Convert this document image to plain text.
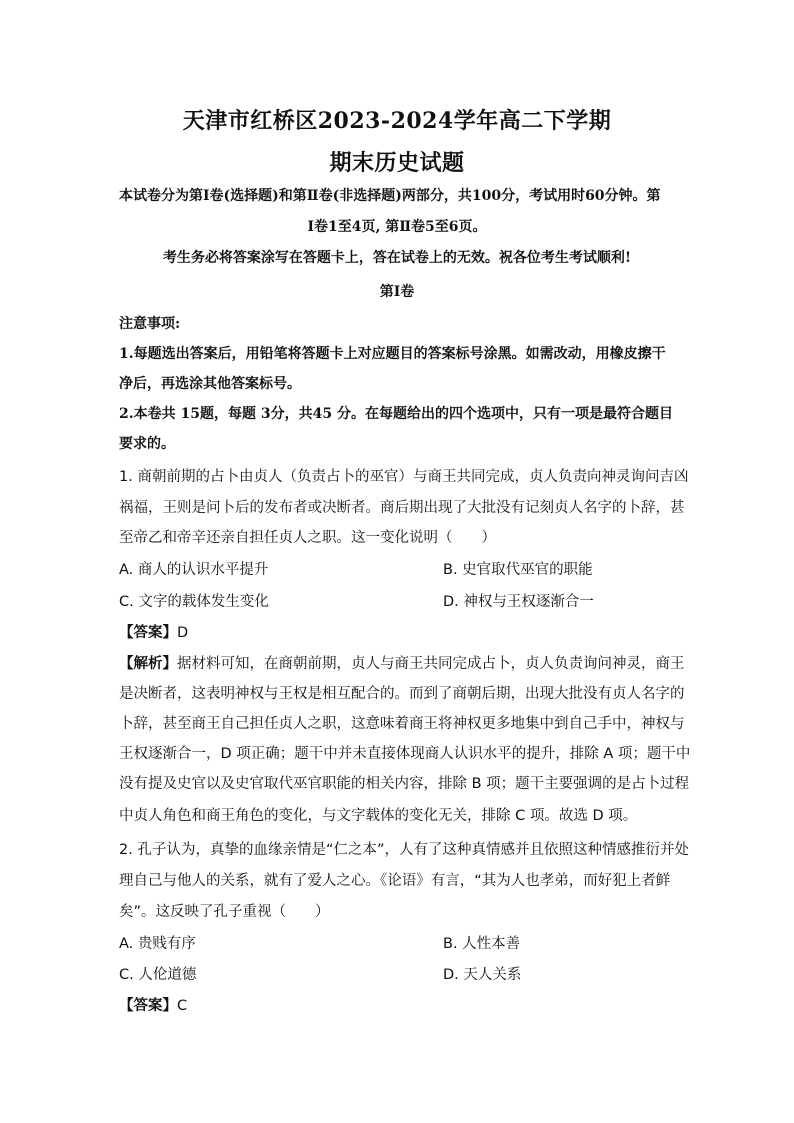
天津市红桥区2023-2024学年高二下学期
期末历史试题
本试卷分为第Ⅰ卷(选择题)和第Ⅱ卷(非选择题)两部分，共100分，考试用时60分钟。第
Ⅰ卷1至4页, 第Ⅱ卷5至6页。
考生务必将答案涂写在答题卡上，答在试卷上的无效。祝各位考生考试顺利!
第Ⅰ卷
注意事项:
1.每题选出答案后，用铅笔将答题卡上对应题目的答案标号涂黑。如需改动，用橡皮擦干
净后，再选涂其他答案标号。
2.本卷共 15题，每题 3分，共45 分。在每题给出的四个选项中，只有一项是最符合题目
要求的。
1. 商朝前期的占卜由贞人（负责占卜的巫官）与商王共同完成，贞人负责向神灵询问吉凶
祸福，王则是问卜后的发布者或决断者。商后期出现了大批没有记刻贞人名字的卜辞，甚
至帝乙和帝辛还亲自担任贞人之职。这一变化说明（　　）
A. 商人的认识水平提升	B. 史官取代巫官的职能
C. 文字的载体发生变化	D. 神权与王权逐渐合一
【答案】D
【解析】据材料可知，在商朝前期，贞人与商王共同完成占卜，贞人负责询问神灵，商王
是决断者，这表明神权与王权是相互配合的。而到了商朝后期，出现大批没有贞人名字的
卜辞，甚至商王自己担任贞人之职，这意味着商王将神权更多地集中到自己手中，神权与
王权逐渐合一，D 项正确；题干中并未直接体现商人认识水平的提升，排除 A 项；题干中
没有提及史官以及史官取代巫官职能的相关内容，排除 B 项；题干主要强调的是占卜过程
中贞人角色和商王角色的变化，与文字载体的变化无关，排除 C 项。故选 D 项。
2. 孔子认为，真挚的血缘亲情是“仁之本”，人有了这种真情感并且依照这种情感推衍并处
理自己与他人的关系，就有了爱人之心。《论语》有言，“其为人也孝弟，而好犯上者鲜
矣”。这反映了孔子重视（　　）
A. 贵贱有序	B. 人性本善
C. 人伦道德	D. 天人关系
【答案】C
